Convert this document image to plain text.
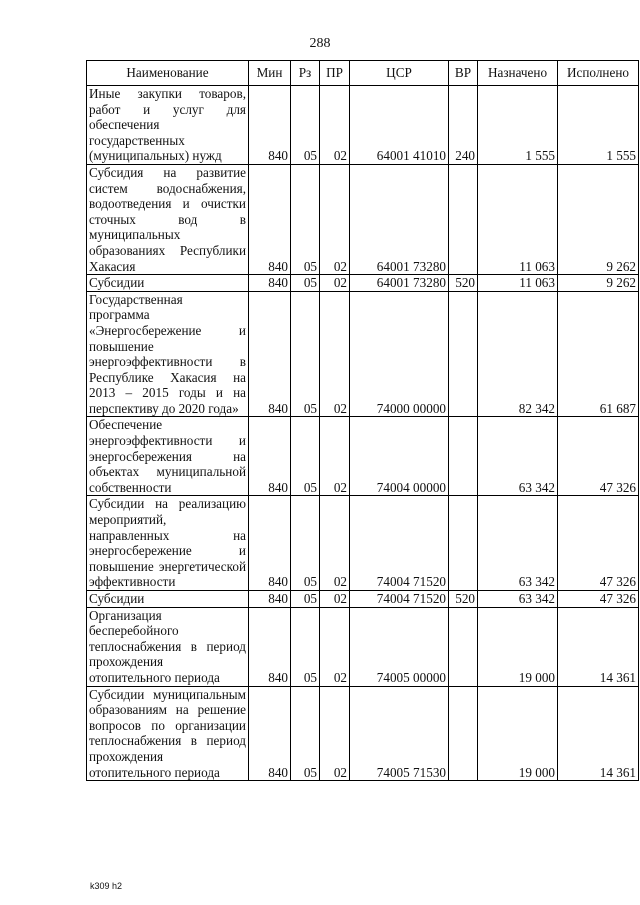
288
Наименование	Мин	Рз	ПР	ЦСР	ВР	Назначено	Исполнено
Иные закупки товаров, работ и услуг для обеспечения государственных (муниципальных) нужд	840	05	02	64001 41010	240	1 555	1 555
Субсидия на развитие систем водоснабжения, водоотведения и очистки сточных вод в муниципальных образованиях Республики Хакасия	840	05	02	64001 73280		11 063	9 262
Субсидии	840	05	02	64001 73280	520	11 063	9 262
Государственная программа «Энергосбережение и повышение энергоэффективности в Республике Хакасия на 2013 – 2015 годы и на перспективу до 2020 года»	840	05	02	74000 00000		82 342	61 687
Обеспечение энергоэффективности и энергосбережения на объектах муниципальной собственности	840	05	02	74004 00000		63 342	47 326
Субсидии на реализацию мероприятий, направленных на энергосбережение и повышение энергетической эффективности	840	05	02	74004 71520		63 342	47 326
Субсидии	840	05	02	74004 71520	520	63 342	47 326
Организация бесперебойного теплоснабжения в период прохождения отопительного периода	840	05	02	74005 00000		19 000	14 361
Субсидии муниципальным образованиям на решение вопросов по организации теплоснабжения в период прохождения отопительного периода	840	05	02	74005 71530		19 000	14 361
k309 h2
